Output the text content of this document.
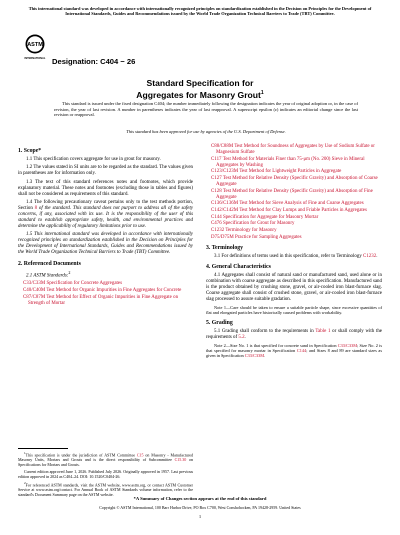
This international standard was developed in accordance with internationally recognized principles on standardization established in the Decision on Principles for the Development of International Standards, Guides and Recommendations issued by the World Trade Organization Technical Barriers to Trade (TBT) Committee.

ASTM
INTERNATIONAL Designation: C404 − 26

Standard Specification for
Aggregates for Masonry Grout$^1$

This standard is issued under the fixed designation C404; the number immediately following the designation indicates the year of original adoption or, in the case of revision, the year of last revision. A number in parentheses indicates the year of last reapproval. A superscript epsilon (ε) indicates an editorial change since the last revision or reapproval.

This standard has been approved for use by agencies of the U.S. Department of Defense.

1. Scope*

1.1 This specification covers aggregate for use in grout for masonry.

1.2 The values stated in SI units are to be regarded as the standard. The values given in parentheses are for information only.

1.3 The text of this standard references notes and footnotes, which provide explanatory material. These notes and footnotes (excluding those in tables and figures) shall not be considered as requirements of this standard.

1.4 The following precautionary caveat pertains only to the test methods portion, Section 8 of the standard. This standard does not purport to address all of the safety concerns, if any, associated with its use. It is the responsibility of the user of this standard to establish appropriate safety, health, and environmental practices and determine the applicability of regulatory limitations prior to use.

1.5 This international standard was developed in accordance with internationally recognized principles on standardization established in the Decision on Principles for the Development of International Standards, Guides and Recommendations issued by the World Trade Organization Technical Barriers to Trade (TBT) Committee.

2. Referenced Documents

2.1 ASTM Standards:$^2$

C33/C33M Specification for Concrete Aggregates
C40/C40M Test Method for Organic Impurities in Fine Aggregates for Concrete
C87/C87M Test Method for Effect of Organic Impurities in Fine Aggregate on Strength of Mortar
C88/C88M Test Method for Soundness of Aggregates by Use of Sodium Sulfate or Magnesium Sulfate
C117 Test Method for Materials Finer than 75-μm (No. 200) Sieve in Mineral Aggregates by Washing
C123/C123M Test Method for Lightweight Particles in Aggregate
C127 Test Method for Relative Density (Specific Gravity) and Absorption of Coarse Aggregate
C128 Test Method for Relative Density (Specific Gravity) and Absorption of Fine Aggregate
C136/C136M Test Method for Sieve Analysis of Fine and Coarse Aggregates
C142/C142M Test Method for Clay Lumps and Friable Particles in Aggregates
C144 Specification for Aggregate for Masonry Mortar
C476 Specification for Grout for Masonry
C1232 Terminology for Masonry
D75/D75M Practice for Sampling Aggregates
3. Terminology

3.1 For definitions of terms used in this specification, refer to Terminology C1232.

4. General Characteristics

4.1 Aggregates shall consist of natural sand or manufactured sand, used alone or in combination with coarse aggregate as described in this specification. Manufactured sand is the product obtained by crushing stone, gravel, or air-cooled iron blast-furnace slag. Coarse aggregate shall consist of crushed stone, gravel, or air-cooled iron blast-furnace slag processed to assure suitable gradation.

Note 1—Care should be taken to ensure a suitable particle shape, since excessive quantities of flat and elongated particles have historically caused problems with workability.

5. Grading

5.1 Grading shall conform to the requirements in Table 1 or shall comply with the requirements of 5.2.

Note 2—Size No. 1 is that specified for concrete sand in Specification C33/C33M; Size No. 2 is that specified for masonry mortar in Specification C144; and Sizes 8 and 89 are standard sizes as given in Specification C33/C33M.

$^1$This specification is under the jurisdiction of ASTM Committee C15 on Masonry - Manufactured Masonry Units, Mortars and Grouts and is the direct responsibility of Subcommittee C15.30 on Specifications for Mortars and Grouts.

Current edition approved June 1, 2026. Published July 2026. Originally approved in 1957. Last previous edition approved in 2024 as C404–24. DOI: 10.1520/C0404-26.

$^2$For referenced ASTM standards, visit the ASTM website, www.astm.org, or contact ASTM Customer Service at www.astm.org/contact. For Annual Book of ASTM Standards volume information, refer to the standard's Document Summary page on the ASTM website.

*A Summary of Changes section appears at the end of this standard

Copyright © ASTM International, 100 Barr Harbor Drive, PO Box C700, West Conshohocken, PA 19428-2959. United States

1
